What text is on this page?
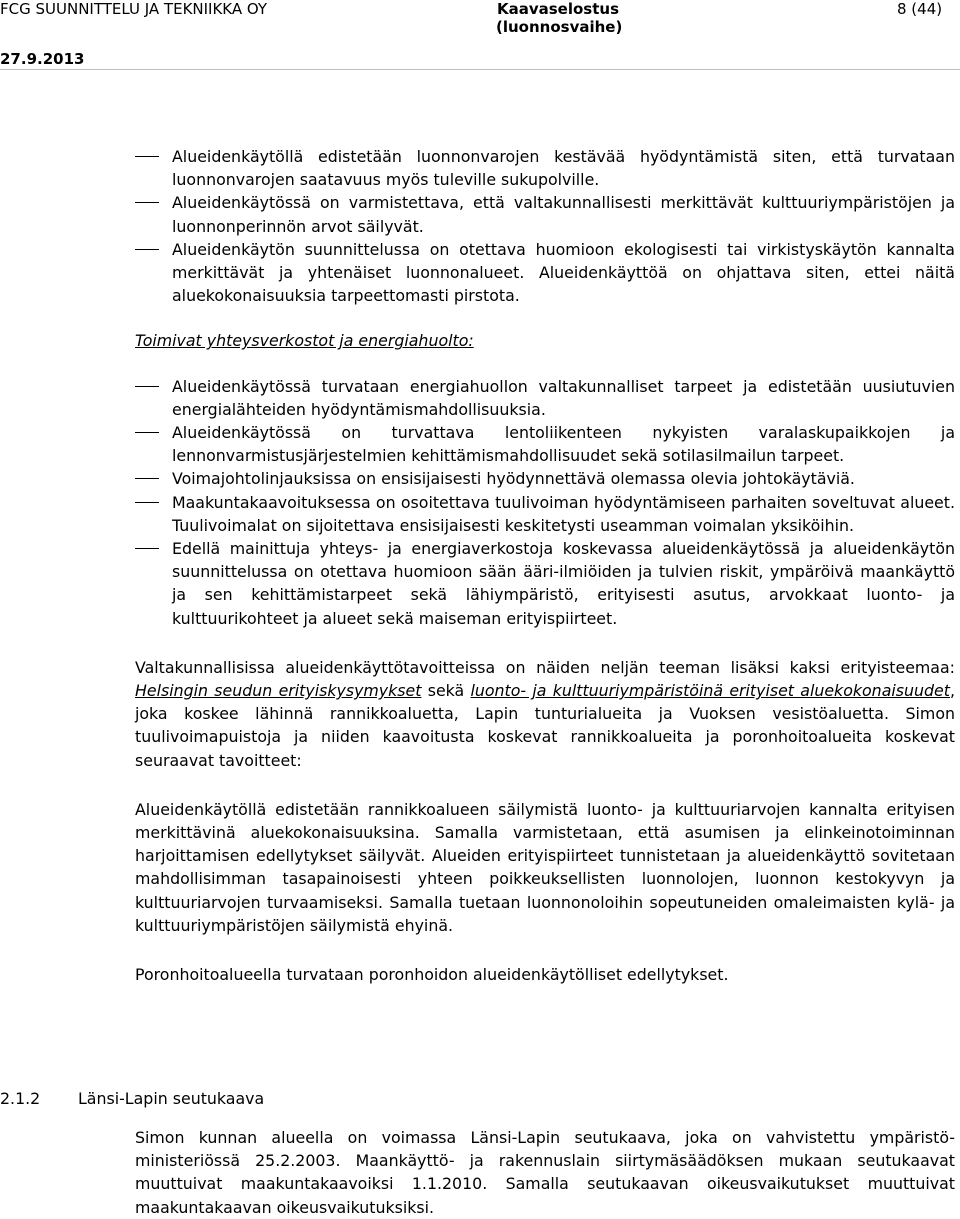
FCG SUUNNITTELU JA TEKNIIKKA OY
27.9.2013
Kaavaselostus
(luonnosvaihe)
8 (44)
Alueidenkäytöllä edistetään luonnonvarojen kestävää hyödyntämistä siten, että turvataan luonnonvarojen saatavuus myös tuleville sukupolville.
Alueidenkäytössä on varmistettava, että valtakunnallisesti merkittävät kulttuuriympäristöjen ja luonnonperinnön arvot säilyvät.
Alueidenkäytön suunnittelussa on otettava huomioon ekologisesti tai virkistyskäytön kannalta merkittävät ja yhtenäiset luonnonalueet. Alueidenkäyttöä on ohjattava siten, ettei näitä aluekokonaisuuksia tarpeettomasti pirstota.

Toimivat yhteysverkostot ja energiahuolto:

Alueidenkäytössä turvataan energiahuollon valtakunnalliset tarpeet ja edistetään uusiutuvien energialähteiden hyödyntämismahdollisuuksia.
Alueidenkäytössä on turvattava lentoliikenteen nykyisten varalaskupaikkojen ja lennonvarmistusjärjestelmien kehittämismahdollisuudet sekä sotilasilmailun tarpeet.
Voimajohtolinjauksissa on ensisijaisesti hyödynnettävä olemassa olevia johtokäytäviä.
Maakuntakaavoituksessa on osoitettava tuulivoiman hyödyntämiseen parhaiten soveltuvat alueet. Tuulivoimalat on sijoitettava ensisijaisesti keskitetysti useamman voimalan yksiköihin.
Edellä mainittuja yhteys- ja energiaverkostoja koskevassa alueidenkäytössä ja alueidenkäytön suunnittelussa on otettava huomioon sään ääri-ilmiöiden ja tulvien riskit, ympäröivä maankäyttö ja sen kehittämistarpeet sekä lähiympäristö, erityisesti asutus, arvokkaat luonto- ja kulttuurikohteet ja alueet sekä maiseman erityispiirteet.

Valtakunnallisissa alueidenkäyttötavoitteissa on näiden neljän teeman lisäksi kaksi erityisteemaa: Helsingin seudun erityiskysymykset sekä luonto- ja kulttuuriympäristöinä erityiset aluekokonaisuudet, joka koskee lähinnä rannikkoaluetta, Lapin tunturialueita ja Vuoksen vesistöaluetta. Simon tuulivoimapuistoja ja niiden kaavoitusta koskevat rannikkoalueita ja poronhoitoalueita koskevat seuraavat tavoitteet:

Alueidenkäytöllä edistetään rannikkoalueen säilymistä luonto- ja kulttuuriarvojen kannalta erityisen merkittävinä aluekokonaisuuksina. Samalla varmistetaan, että asumisen ja elinkeinotoiminnan harjoittamisen edellytykset säilyvät. Alueiden erityispiirteet tunnistetaan ja alueidenkäyttö sovitetaan mahdollisimman tasapainoisesti yhteen poikkeuksellisten luonnolojen, luonnon kestokyvyn ja kulttuuriarvojen turvaamiseksi. Samalla tuetaan luonnonoloihin sopeutuneiden omaleimaisten kylä- ja kulttuuriympäristöjen säilymistä ehyinä.

Poronhoitoalueella turvataan poronhoidon alueidenkäytölliset edellytykset.

2.1.2 Länsi-Lapin seutukaava

Simon kunnan alueella on voimassa Länsi-Lapin seutukaava, joka on vahvistettu ympäristö-ministeriössä 25.2.2003. Maankäyttö- ja rakennuslain siirtymäsäädöksen mukaan seutukaavat muuttuivat maakuntakaavoiksi 1.1.2010. Samalla seutukaavan oikeusvaikutukset muuttuivat maakuntakaavan oikeusvaikutuksiksi.
